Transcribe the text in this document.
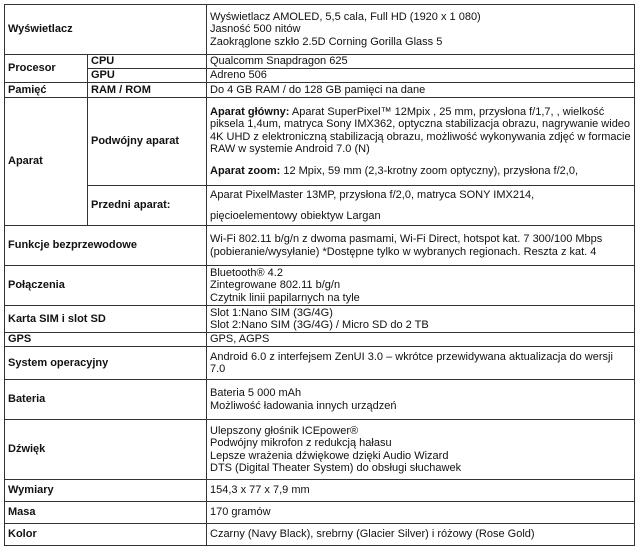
Wyświetlacz		Wyświetlacz AMOLED, 5,5 cala, Full HD (1920 x 1 080)
Jasność 500 nitów
Zaokrąglone szkło 2.5D Corning Gorilla Glass 5

Procesor	CPU	Qualcomm Snapdragon 625
	GPU	Adreno 506
Pamięć	RAM / ROM	Do 4 GB RAM / do 128 GB pamięci na dane
Aparat	Podwójny aparat	Aparat główny: Aparat SuperPixel™ 12Mpix , 25 mm, przysłona f/1,7, , wielkość piksela 1,4um, matryca Sony IMX362, optyczna stabilizacja obrazu, nagrywanie wideo 4K UHD z elektroniczną stabilizacją obrazu, możliwość wykonywania zdjęć w formacie RAW w systemie Android 7.0 (N)
Aparat zoom: 12 Mpix, 59 mm (2,3-krotny zoom optyczny), przysłona f/2,0,

	Przedni aparat:	Aparat PixelMaster 13MP, przysłona f/2,0, matryca SONY IMX214,
pięcioelementowy obiektyw Largan

Funkcje bezprzewodowe		Wi-Fi 802.11 b/g/n z dwoma pasmami, Wi-Fi Direct, hotspot kat. 7 300/100 Mbps (pobieranie/wysyłanie) *Dostępne tylko w wybranych regionach. Reszta z kat. 4
Połączenia		Bluetooth® 4.2
Zintegrowane 802.11 b/g/n
Czytnik linii papilarnych na tyle

Karta SIM i slot SD		Slot 1:Nano SIM (3G/4G)
Slot 2:Nano SIM (3G/4G) / Micro SD do 2 TB

GPS		GPS, AGPS
System operacyjny		Android 6.0 z interfejsem ZenUI 3.0 – wkrótce przewidywana aktualizacja do wersji 7.0
Bateria		Bateria 5 000 mAh
Możliwość ładowania innych urządzeń

Dźwięk		Ulepszony głośnik ICEpower®
Podwójny mikrofon z redukcją hałasu
Lepsze wrażenia dźwiękowe dzięki Audio Wizard
DTS (Digital Theater System) do obsługi słuchawek

Wymiary		154,3 x 77 x 7,9 mm
Masa		170 gramów
Kolor		Czarny (Navy Black), srebrny (Glacier Silver) i różowy (Rose Gold)
